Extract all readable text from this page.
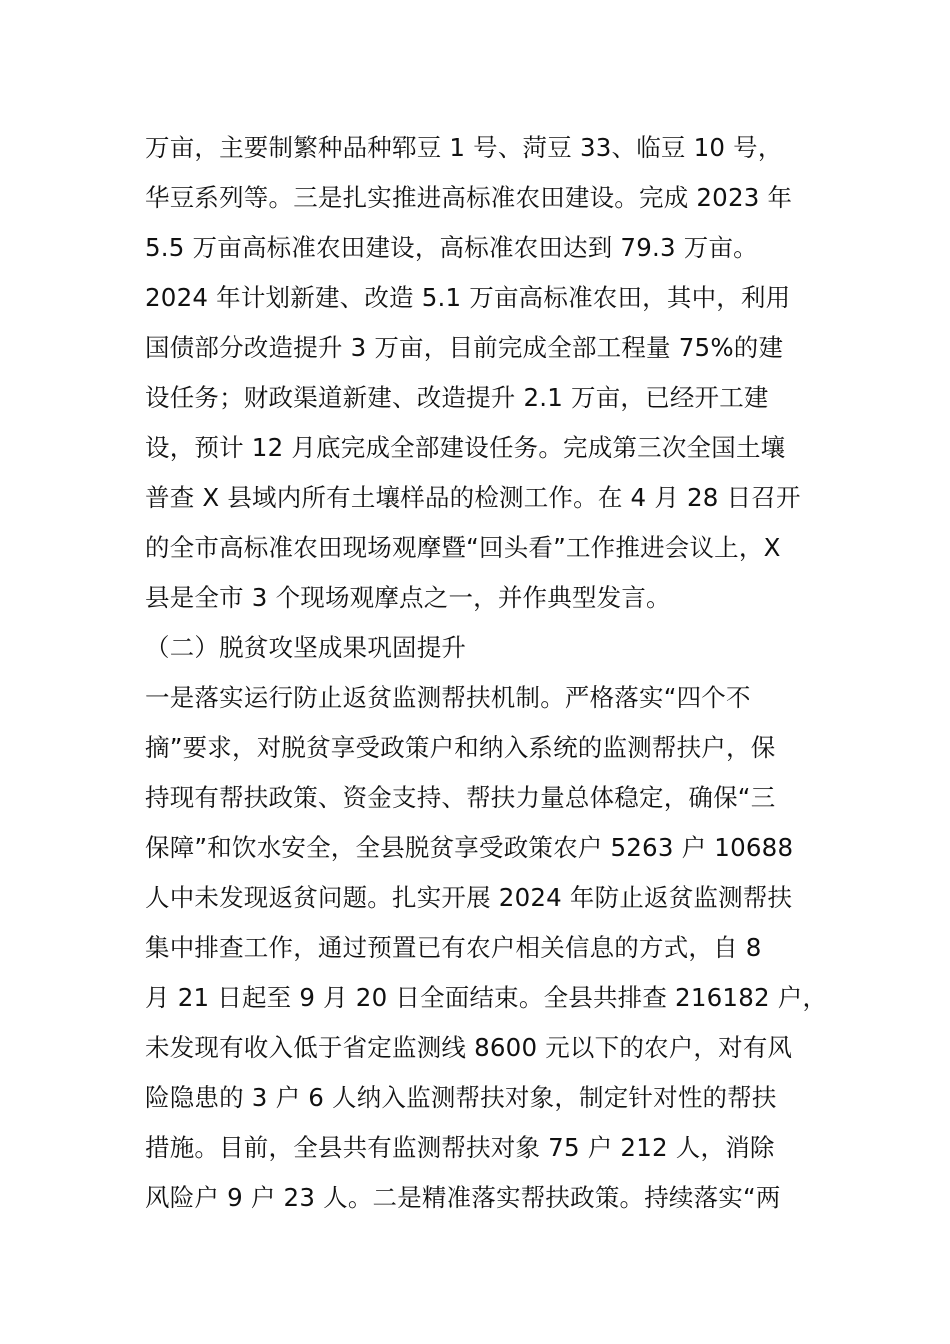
万亩，主要制繁种品种郓豆 1 号、菏豆 33、临豆 10 号，
华豆系列等。三是扎实推进高标准农田建设。完成 2023 年
5.5 万亩高标准农田建设，高标准农田达到 79.3 万亩。
2024 年计划新建、改造 5.1 万亩高标准农田，其中，利用
国债部分改造提升 3 万亩，目前完成全部工程量 75%的建
设任务；财政渠道新建、改造提升 2.1 万亩，已经开工建
设，预计 12 月底完成全部建设任务。完成第三次全国土壤
普查 X 县域内所有土壤样品的检测工作。在 4 月 28 日召开
的全市高标准农田现场观摩暨“回头看”工作推进会议上，X
县是全市 3 个现场观摩点之一，并作典型发言。
（二）脱贫攻坚成果巩固提升
一是落实运行防止返贫监测帮扶机制。严格落实“四个不
摘”要求，对脱贫享受政策户和纳入系统的监测帮扶户，保
持现有帮扶政策、资金支持、帮扶力量总体稳定，确保“三
保障”和饮水安全，全县脱贫享受政策农户 5263 户 10688
人中未发现返贫问题。扎实开展 2024 年防止返贫监测帮扶
集中排查工作，通过预置已有农户相关信息的方式，自 8
月 21 日起至 9 月 20 日全面结束。全县共排查 216182 户，
未发现有收入低于省定监测线 8600 元以下的农户，对有风
险隐患的 3 户 6 人纳入监测帮扶对象，制定针对性的帮扶
措施。目前，全县共有监测帮扶对象 75 户 212 人，消除
风险户 9 户 23 人。二是精准落实帮扶政策。持续落实“两
